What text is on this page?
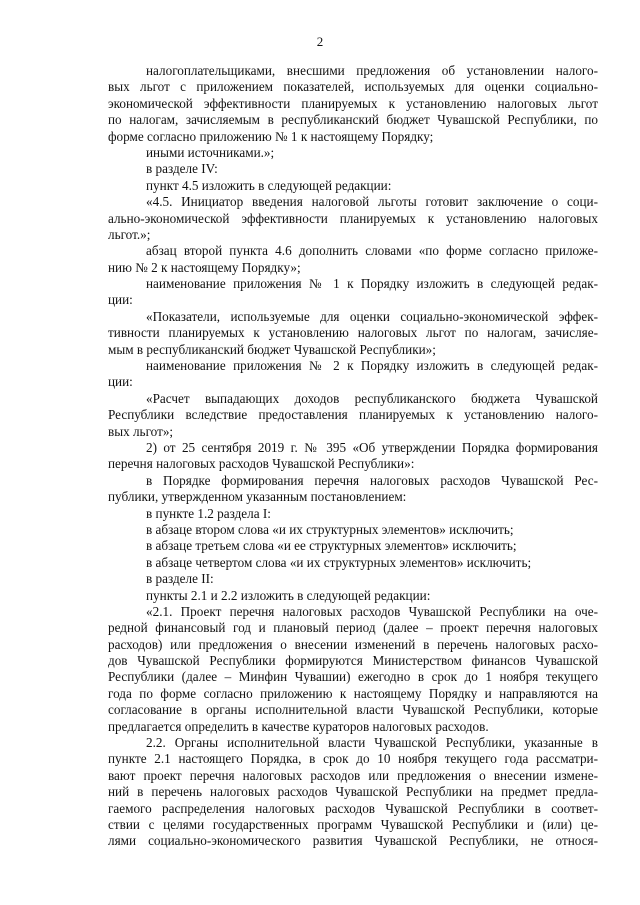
2
налогоплательщиками, внесшими предложения об установлении налого-
вых льгот с приложением показателей, используемых для оценки социально-
экономической эффективности планируемых к установлению налоговых льгот
по налогам, зачисляемым в республиканский бюджет Чувашской Республики, по
форме согласно приложению № 1 к настоящему Порядку;
иными источниками.»;
в разделе IV:
пункт 4.5 изложить в следующей редакции:
«4.5. Инициатор введения налоговой льготы готовит заключение о соци-
ально-экономической эффективности планируемых к установлению налоговых
льгот.»;
абзац второй пункта 4.6 дополнить словами «по форме согласно приложе-
нию № 2 к настоящему Порядку»;
наименование приложения № 1 к Порядку изложить в следующей редак-
ции:
«Показатели, используемые для оценки социально-экономической эффек-
тивности планируемых к установлению налоговых льгот по налогам, зачисляе-
мым в республиканский бюджет Чувашской Республики»;
наименование приложения № 2 к Порядку изложить в следующей редак-
ции:
«Расчет выпадающих доходов республиканского бюджета Чувашской
Республики вследствие предоставления планируемых к установлению налого-
вых льгот»;
2) от 25 сентября 2019 г. № 395 «Об утверждении Порядка формирования
перечня налоговых расходов Чувашской Республики»:
в Порядке формирования перечня налоговых расходов Чувашской Рес-
публики, утвержденном указанным постановлением:
в пункте 1.2 раздела I:
в абзаце втором слова «и их структурных элементов» исключить;
в абзаце третьем слова «и ее структурных элементов» исключить;
в абзаце четвертом слова «и их структурных элементов» исключить;
в разделе II:
пункты 2.1 и 2.2 изложить в следующей редакции:
«2.1. Проект перечня налоговых расходов Чувашской Республики на оче-
редной финансовый год и плановый период (далее – проект перечня налоговых
расходов) или предложения о внесении изменений в перечень налоговых расхо-
дов Чувашской Республики формируются Министерством финансов Чувашской
Республики (далее – Минфин Чувашии) ежегодно в срок до 1 ноября текущего
года по форме согласно приложению к настоящему Порядку и направляются на
согласование в органы исполнительной власти Чувашской Республики, которые
предлагается определить в качестве кураторов налоговых расходов.
2.2. Органы исполнительной власти Чувашской Республики, указанные в
пункте 2.1 настоящего Порядка, в срок до 10 ноября текущего года рассматри-
вают проект перечня налоговых расходов или предложения о внесении измене-
ний в перечень налоговых расходов Чувашской Республики на предмет предла-
гаемого распределения налоговых расходов Чувашской Республики в соответ-
ствии с целями государственных программ Чувашской Республики и (или) це-
лями социально-экономического развития Чувашской Республики, не относя-
